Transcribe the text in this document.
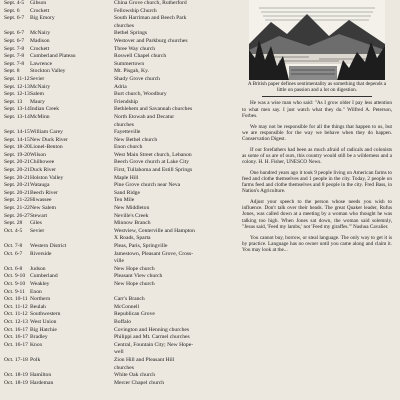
Sept. 4-5	Gibson	China Grove church, Rutherford
Sept. 6	Crockett	Fellowship Church
Sept. 6-7	Big Emory	South Harriman and Beech Park
churches
Sept. 6-7	McNairy	Bethel Springs
Sept. 6-7	Madison	Westover and Parkburg churches
Sept. 7-8	Crockett	Three Way church
Sept. 7-8	Cumberland Plateau	Roswell Chapel church
Sept. 7-8	Lawrence	Summertown
Sept. 8	Stockton Valley	Mt. Pisgah, Ky.
Sept. 11-12 Sevier	Shady Grove church
Sept. 12-13 McNairy	Adria
Sept. 12-13 Salem	Burt church, Woodbury
Sept. 13	Maury	Friendship
Sept. 13-14 Indian Creek	Bethlehem and Savannah churches
Sept. 13-14 McMinn	North Etowah and Decatur
churches
Sept. 14-15 William Carey	Fayetteville
Sept. 14-15 New Duck River	New Bethel church
Sept. 18-20 Lionel-Benton	Enon church
Sept. 19-20 Wilson	West Main Street church, Lebanon
Sept. 20-21 Chilhowee	Beech Grove church at Lake City
Sept. 20-21 Duck River	First, Tullahoma and Estill Springs
Sept. 20-21 Holston Valley	Maple Hill
Sept. 20-21 Watauga	Pine Grove church near Neva
Sept. 20-21 Beech River	Sand Ridge
Sept. 21-22 Hiwassee	Ten Mile
Sept. 21-22 New Salem	New Middleton
Sept. 26-27 Stewart	Neville's Creek
Sept. 28	Giles	Minnow Branch
Oct. 4-5	Sevier	Westview, Centerville and Hampton
X Roads, Sparta
Oct. 7-8	Western District	Pleas, Paris, Springville
Oct. 6-7	Riverside	Jamestown, Pleasant Grove, Cross-
ville
Oct. 6-8	Judson	New Hope church
Oct. 9-10 Cumberland	Pleasant View church
Oct. 9-10 Weakley	New Hope church
Oct. 9-11 Enon
Oct. 10-11 Northern	Carr's Branch
Oct. 11-12 Beulah	McConnell
Oct. 11-12 Southwestern	Republican Grove
Oct. 12-13 West Union	Boffalo
Oct. 16-17 Big Hatchie	Covington and Henning churches
Oct. 16-17 Bradley	Philippi and Mt. Carmel churches
Oct. 16-17 Knox	Central, Fountain City; New Hope-
well
Oct. 17-18 Polk	Zion Hill and Pleasant Hill
churches
Oct. 18-19 Hamilton	White Oak church
Oct. 18-19 Hardeman	Mercer Chapel church
A British paper defines sentimentality as something that depends a little on passion and a lot on digestion.

He was a wise man who said: "As I grow older I pay less attention to what men say. I just watch what they do." Wilfred A. Peterson, Forbes.

We may not be responsible for all the things that happen to us, but we are responsible for the way we behave when they do happen. Conservation Digest.

If our forefathers had been as much afraid of radicals and colonists as some of us are of ours, this country would still be a wilderness and a colony. H. H. Fisher, UNESCO News.

One hundred years ago it took 9 people living on American farms to feed and clothe themselves and 1 people in the city. Today, 2 people on farms feed and clothe themselves and 8 people in the city. Fred Bass, in Nation's Agriculture.

Adjust your speech to the person whose needs you wish to influence. Don't talk over their heads. The great Quaker leader, Rufus Jones, was called down at a meeting by a woman who thought he was talking too high. When Jones sat down, the woman said solemnly, "Jesus said, 'Feed my lambs,' not 'Feed my giraffes.'" Nashua Cavalier.

You cannot buy, borrow, or steal language. The only way to get it is by practice. Language has no owner until you came along and claim it. You may look at the...
